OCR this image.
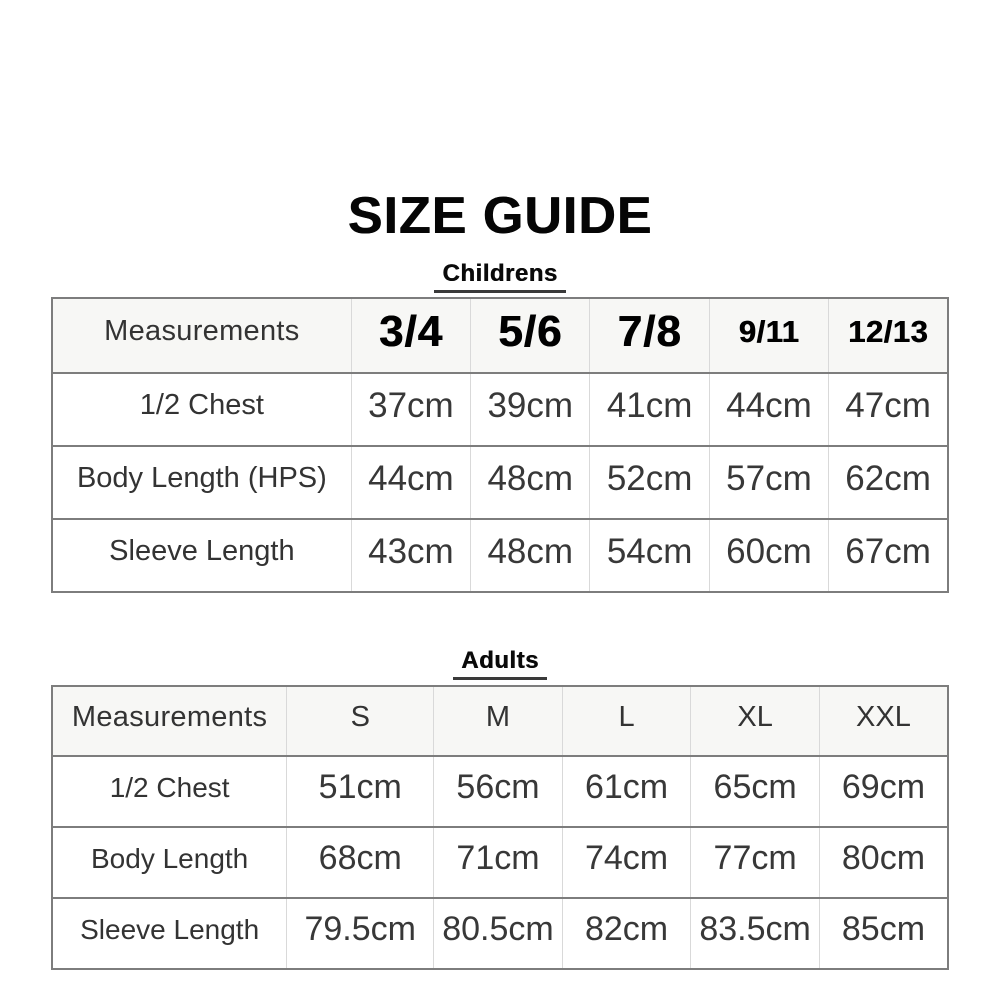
SIZE GUIDE
Childrens
Measurements	3/4	5/6	7/8	9/11	12/13
1/2 Chest	37cm	39cm	41cm	44cm	47cm
Body Length (HPS)	44cm	48cm	52cm	57cm	62cm
Sleeve Length	43cm	48cm	54cm	60cm	67cm
Adults
Measurements	S	M	L	XL	XXL
1/2 Chest	51cm	56cm	61cm	65cm	69cm
Body Length	68cm	71cm	74cm	77cm	80cm
Sleeve Length	79.5cm	80.5cm	82cm	83.5cm	85cm
